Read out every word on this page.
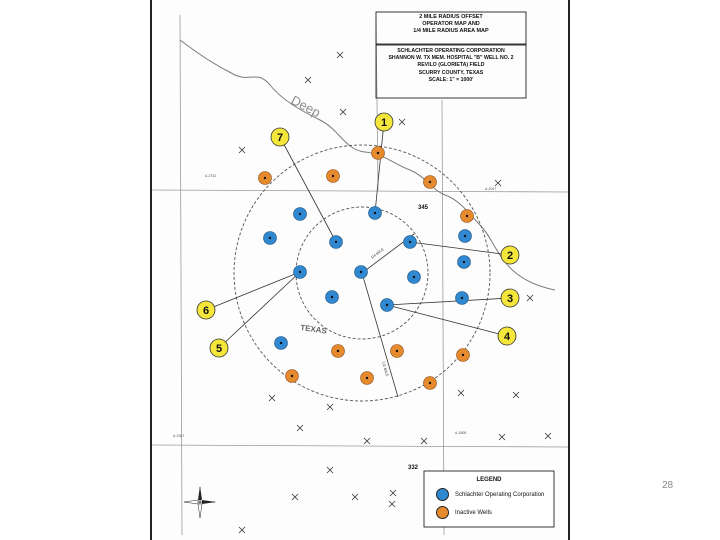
Deep
TEXAS
345
332
A-2742
A-2047
A-2357
A-1808
1/4 MILE
1/2 MILE
1
2
3
4
5
6
7
2 MILE RADIUS OFFSET
OPERATOR MAP AND
1/4 MILE RADIUS AREA MAP
SCHLACHTER OPERATING CORPORATION
SHANNON W. TX MEM. HOSPITAL "B" WELL NO. 2
REVILO (GLORIETA) FIELD
SCURRY COUNTY, TEXAS
SCALE: 1" = 1000'
LEGEND
Schlachter Operating Corporation
Inactive Wells
28
